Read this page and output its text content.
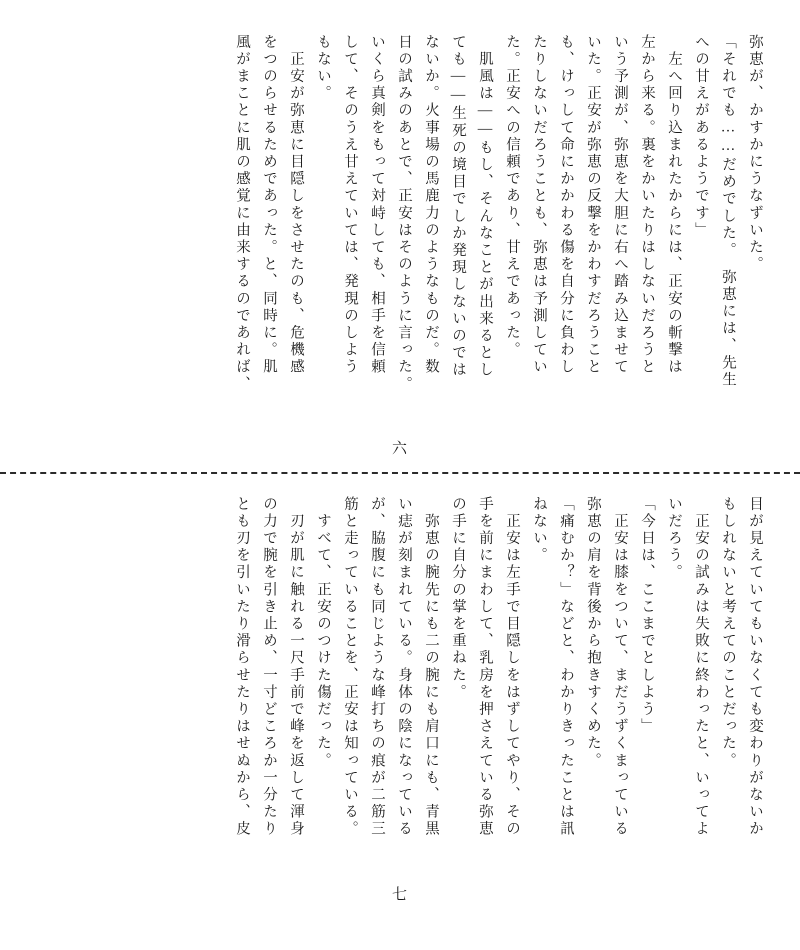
弥恵が、かすかにうなずいた。
「それでも……だめでした。　弥恵には、先生
への甘えがあるようです」
　左へ回り込まれたからには、正安の斬撃は
左から来る。裏をかいたりはしないだろうと
いう予測が、弥恵を大胆に右へ踏み込ませて
いた。正安が弥恵の反撃をかわすだろうこと
も、けっして命にかかわる傷を自分に負わし
たりしないだろうことも、弥恵は予測してい
た。正安への信頼であり、甘えであった。
　肌風は――もし、そんなことが出来るとし
ても――生死の境目でしか発現しないのでは
ないか。火事場の馬鹿力のようなものだ。数
日の試みのあとで、正安はそのように言った。
いくら真剣をもって対峙しても、相手を信頼
して、そのうえ甘えていては、発現のしよう
もない。
　正安が弥恵に目隠しをさせたのも、危機感
をつのらせるためであった。と、同時に。肌
風がまことに肌の感覚に由来するのであれば、
六
目が見えていてもいなくても変わりがないか
もしれないと考えてのことだった。
　正安の試みは失敗に終わったと、いってよ
いだろう。
「今日は、ここまでとしよう」
　正安は膝をついて、まだうずくまっている
弥恵の肩を背後から抱きすくめた。
「痛むか？」などと、わかりきったことは訊
ねない。
　正安は左手で目隠しをはずしてやり、その
手を前にまわして、乳房を押さえている弥恵
の手に自分の掌を重ねた。
　弥恵の腕先にも二の腕にも肩口にも、青黒
い痣が刻まれている。身体の陰になっている
が、脇腹にも同じような峰打ちの痕が二筋三
筋と走っていることを、正安は知っている。
　すべて、正安のつけた傷だった。
　刃が肌に触れる一尺手前で峰を返して渾身
の力で腕を引き止め、一寸どころか一分たり
とも刃を引いたり滑らせたりはせぬから、皮
七
